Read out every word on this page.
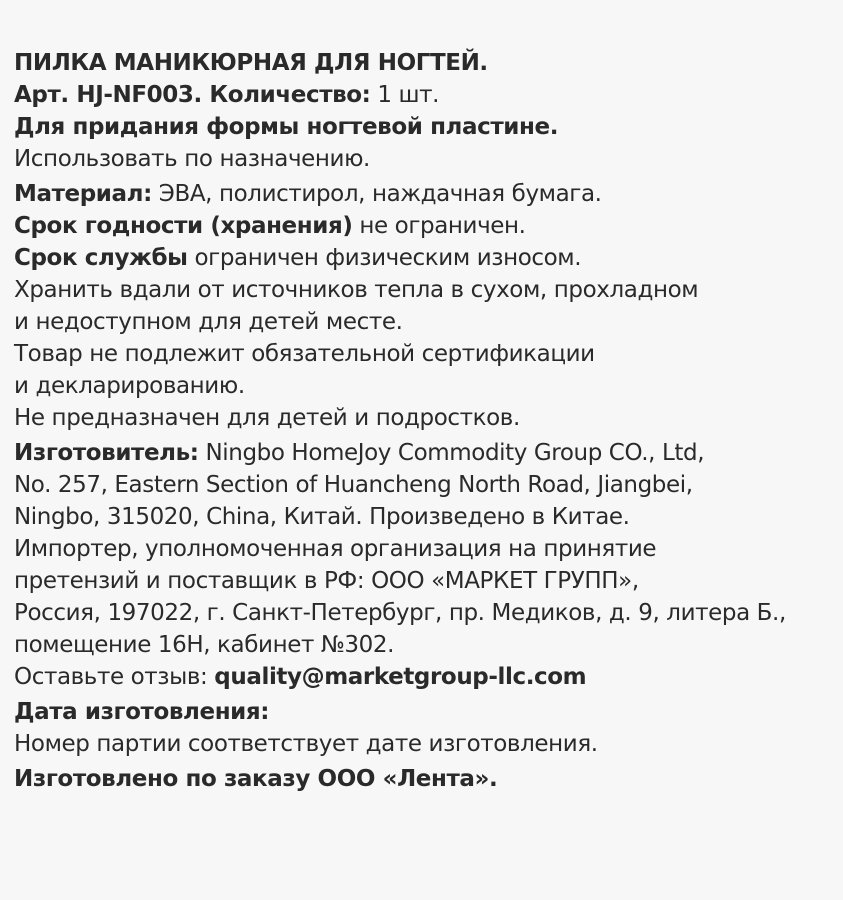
ПИЛКА МАНИКЮРНАЯ ДЛЯ НОГТЕЙ.
Арт. HJ-NF003. Количество: 1 шт.
Для придания формы ногтевой пластине.
Использовать по назначению.
Материал: ЭВА, полистирол, наждачная бумага.
Срок годности (хранения) не ограничен.
Срок службы ограничен физическим износом.
Хранить вдали от источников тепла в сухом, прохладном
и недоступном для детей месте.
Товар не подлежит обязательной сертификации
и декларированию.
Не предназначен для детей и подростков.
Изготовитель: Ningbo HomeJoy Commodity Group CO., Ltd,
No. 257, Eastern Section of Huancheng North Road, Jiangbei,
Ningbo, 315020, China, Китай. Произведено в Китае.
Импортер, уполномоченная организация на принятие
претензий и поставщик в РФ: ООО «МАРКЕТ ГРУПП»,
Россия, 197022, г. Санкт-Петербург, пр. Медиков, д. 9, литера Б.,
помещение 16Н, кабинет №302.
Оставьте отзыв: quality@marketgroup-llc.com
Дата изготовления:
Номер партии соответствует дате изготовления.
Изготовлено по заказу ООО «Лента».
